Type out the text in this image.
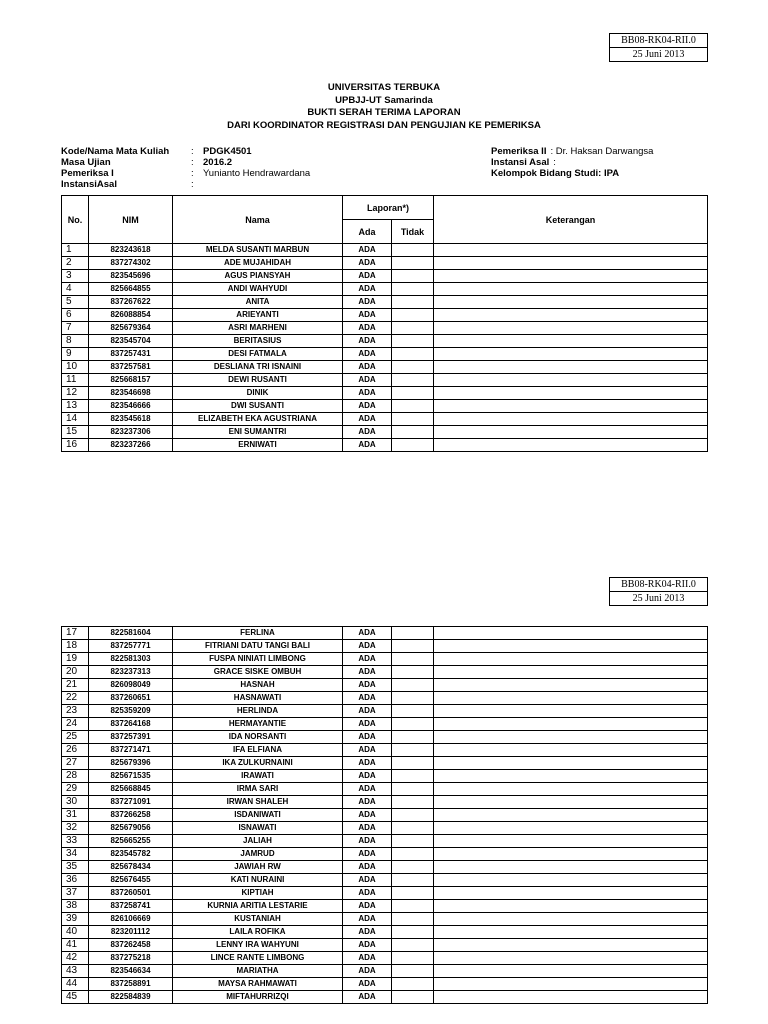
BB08-RK04-RII.0
25 Juni 2013
UNIVERSITAS TERBUKA
UPBJJ-UT Samarinda
BUKTI SERAH TERIMA LAPORAN
DARI KOORDINATOR REGISTRASI DAN PENGUJIAN KE PEMERIKSA
Kode/Nama Mata Kuliah	: PDGK4501
Masa Ujian	: 2016.2
Pemeriksa I	: Yunianto Hendrawardana
InstansiAsal	:
Pemeriksa II : Dr. Haksan Darwangsa
Instansi Asal :
Kelompok Bidang Studi: IPA
No.	NIM	Nama	Laporan*)		Keterangan
			Ada	Tidak	
1	823243618	MELDA SUSANTI MARBUN	ADA		
2	837274302	ADE MUJAHIDAH	ADA		
3	823545696	AGUS PIANSYAH	ADA		
4	825664855	ANDI WAHYUDI	ADA		
5	837267622	ANITA	ADA		
6	826088854	ARIEYANTI	ADA		
7	825679364	ASRI MARHENI	ADA		
8	823545704	BERITASIUS	ADA		
9	837257431	DESI FATMALA	ADA		
10	837257581	DESLIANA TRI ISNAINI	ADA		
11	825668157	DEWI RUSANTI	ADA		
12	823546698	DINIK	ADA		
13	823546666	DWI SUSANTI	ADA		
14	823545618	ELIZABETH EKA AGUSTRIANA	ADA		
15	823237306	ENI SUMANTRI	ADA		
16	823237266	ERNIWATI	ADA		
BB08-RK04-RII.0
25 Juni 2013
17	822581604	FERLINA	ADA		
18	837257771	FITRIANI DATU TANGI BALI	ADA		
19	822581303	FUSPA NINIATI LIMBONG	ADA		
20	823237313	GRACE SISKE OMBUH	ADA		
21	826098049	HASNAH	ADA		
22	837260651	HASNAWATI	ADA		
23	825359209	HERLINDA	ADA		
24	837264168	HERMAYANTIE	ADA		
25	837257391	IDA NORSANTI	ADA		
26	837271471	IFA ELFIANA	ADA		
27	825679396	IKA ZULKURNAINI	ADA		
28	825671535	IRAWATI	ADA		
29	825668845	IRMA SARI	ADA		
30	837271091	IRWAN SHALEH	ADA		
31	837266258	ISDANIWATI	ADA		
32	825679056	ISNAWATI	ADA		
33	825665255	JALIAH	ADA		
34	823545782	JAMRUD	ADA		
35	825678434	JAWIAH RW	ADA		
36	825676455	KATI NURAINI	ADA		
37	837260501	KIPTIAH	ADA		
38	837258741	KURNIA ARITIA LESTARIE	ADA		
39	826106669	KUSTANIAH	ADA		
40	823201112	LAILA ROFIKA	ADA		
41	837262458	LENNY IRA WAHYUNI	ADA		
42	837275218	LINCE RANTE LIMBONG	ADA		
43	823546634	MARIATHA	ADA		
44	837258891	MAYSA RAHMAWATI	ADA		
45	822584839	MIFTAHURRIZQI	ADA		
